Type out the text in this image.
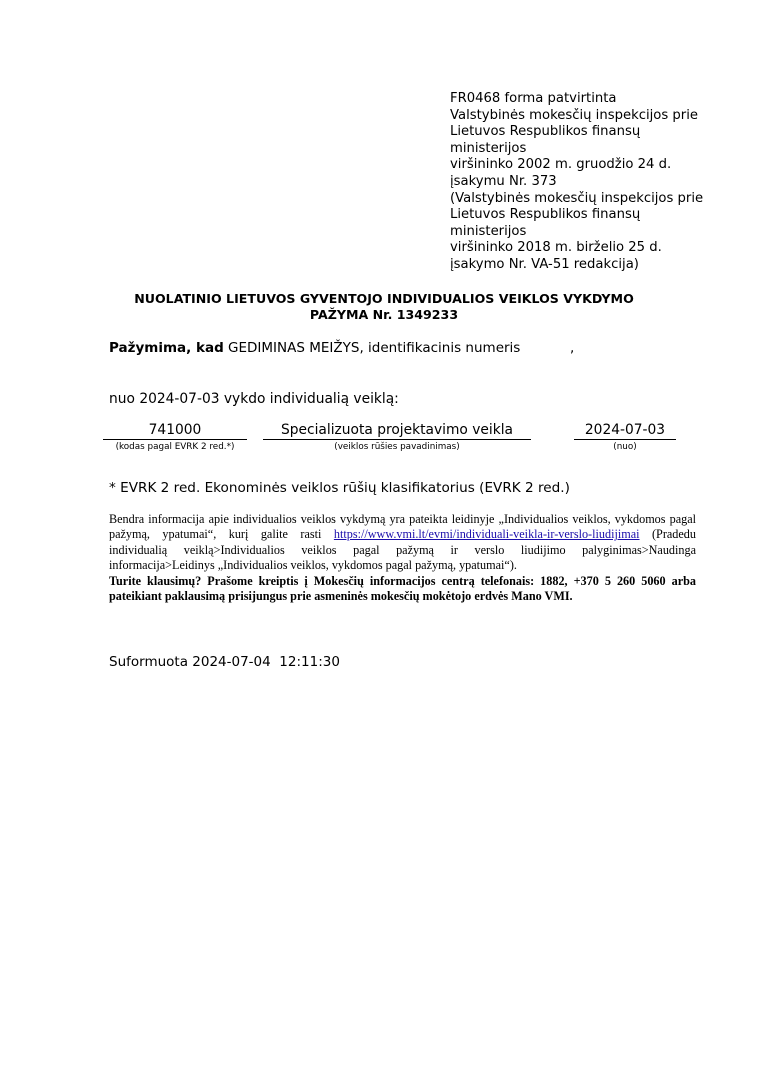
FR0468 forma patvirtinta
Valstybinės mokesčių inspekcijos prie
Lietuvos Respublikos finansų
ministerijos
viršininko 2002 m. gruodžio 24 d.
įsakymu Nr. 373
(Valstybinės mokesčių inspekcijos prie
Lietuvos Respublikos finansų
ministerijos
viršininko 2018 m. birželio 25 d.
įsakymo Nr. VA-51 redakcija)
NUOLATINIO LIETUVOS GYVENTOJO INDIVIDUALIOS VEIKLOS VYKDYMO
PAŽYMA Nr. 1349233
Pažymima, kad GEDIMINAS MEIŽYS, identifikacinis numeris	,
nuo 2024-07-03 vykdo individualią veiklą:
741000
(kodas pagal EVRK 2 red.*)
Specializuota projektavimo veikla
(veiklos rūšies pavadinimas)
2024-07-03
(nuo)
* EVRK 2 red. Ekonominės veiklos rūšių klasifikatorius (EVRK 2 red.)
Bendra informacija apie individualios veiklos vykdymą yra pateikta leidinyje „Individualios veiklos, vykdomos pagal pažymą, ypatumai“, kurį galite rasti https://www.vmi.lt/evmi/individuali-veikla-ir-verslo-liudijimai (Pradedu individualią veiklą>Individualios veiklos pagal pažymą ir verslo liudijimo palyginimas>Naudinga informacija>Leidinys „Individualios veiklos, vykdomos pagal pažymą, ypatumai“).
Turite klausimų? Prašome kreiptis į Mokesčių informacijos centrą telefonais: 1882, +370 5 260 5060 arba pateikiant paklausimą prisijungus prie asmeninės mokesčių mokėtojo erdvės Mano VMI.
Suformuota 2024-07-04  12:11:30
